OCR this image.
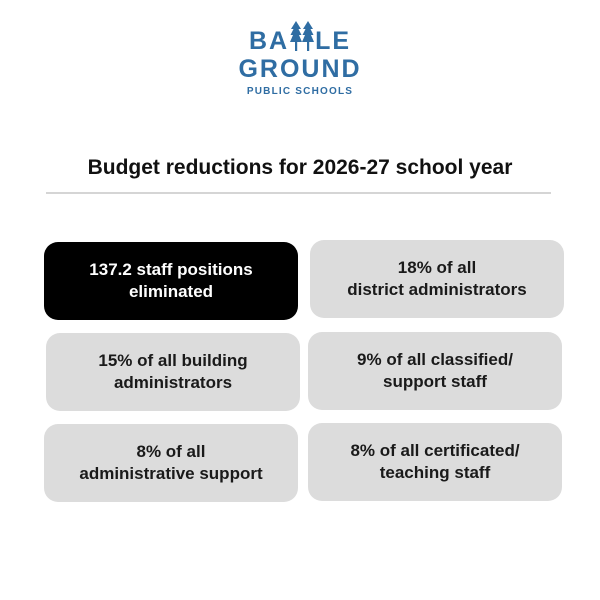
BA LE
GROUND
PUBLIC SCHOOLS
Budget reductions for 2026-27 school year
137.2 staff positions
eliminated
18% of all
district administrators
15% of all building
administrators
9% of all classified/
support staff
8% of all
administrative support
8% of all certificated/
teaching staff
